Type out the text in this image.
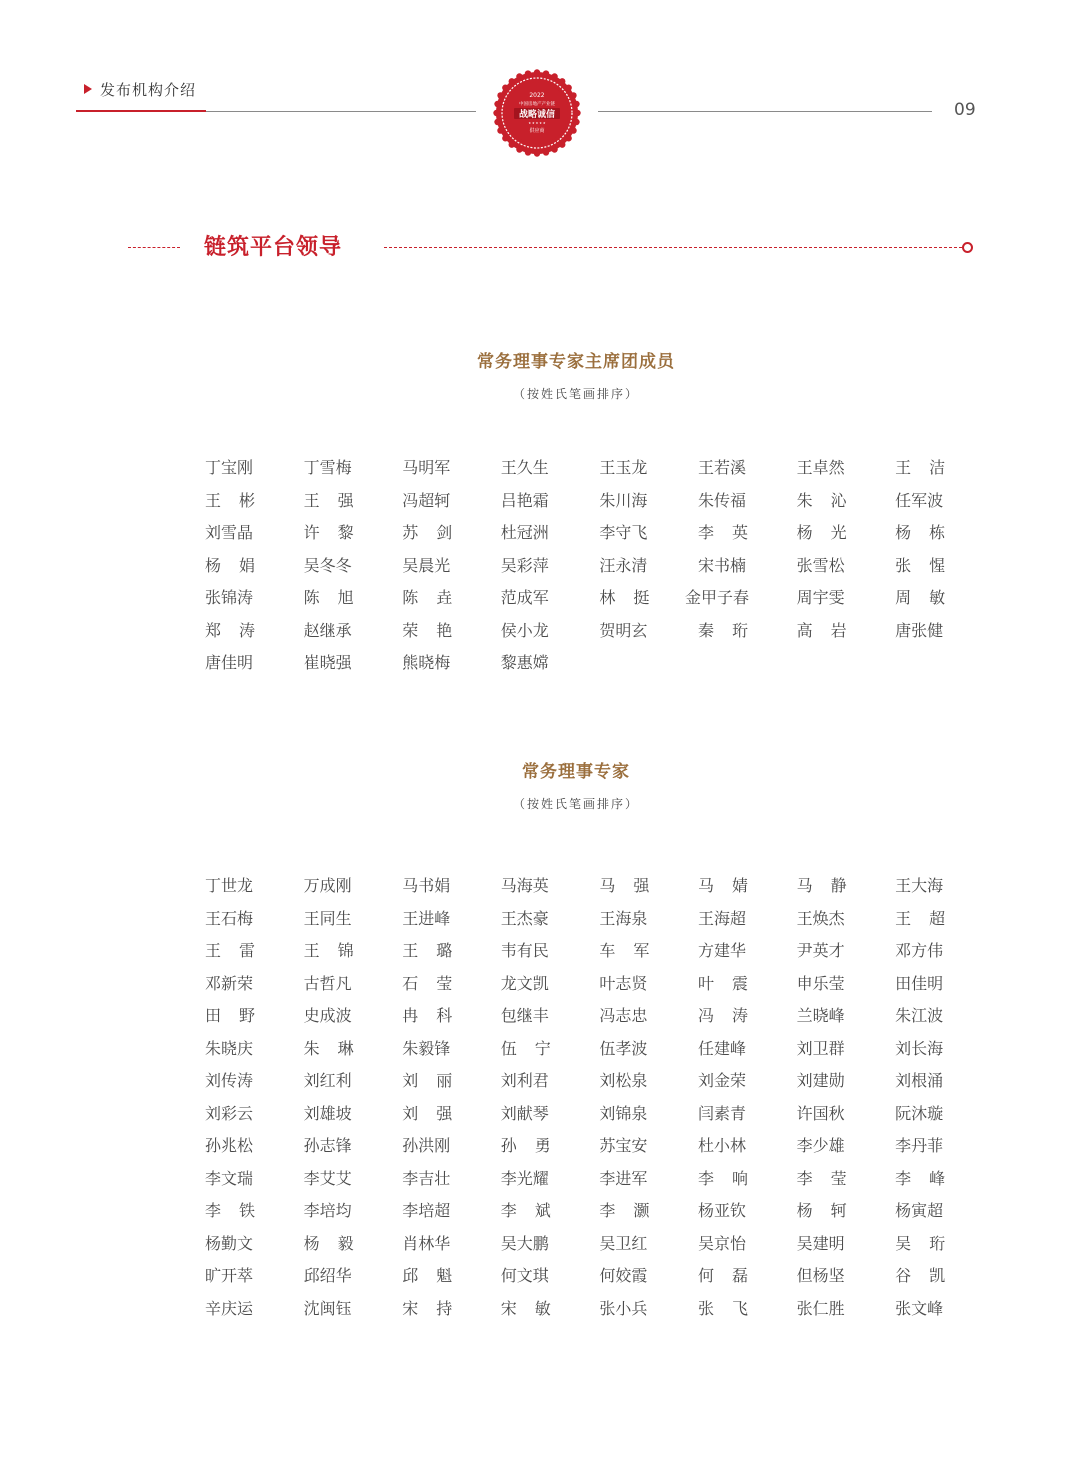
发布机构介绍
09
2022
中国房地产产业链
战略诚信
★ ★ ★ ★ ★
供应商
链筑平台领导
常务理事专家主席团成员
（按姓氏笔画排序）
丁宝刚	丁雪梅	马明军	王久生	王玉龙	王若溪	王卓然	王洁
王彬	王强	冯超轲	吕艳霜	朱川海	朱传福	朱沁	任军波
刘雪晶	许黎	苏剑	杜冠洲	李守飞	李英	杨光	杨栋
杨娟	吴冬冬	吴晨光	吴彩萍	汪永清	宋书楠	张雪松	张惺
张锦涛	陈旭	陈垚	范成军	林挺	金甲子春	周宇雯	周敏
郑涛	赵继承	荣艳	侯小龙	贺明玄	秦珩	高岩	唐张健
唐佳明	崔晓强	熊晓梅	黎惠嫦
常务理事专家
（按姓氏笔画排序）
丁世龙	万成刚	马书娟	马海英	马强	马婧	马静	王大海
王石梅	王同生	王进峰	王杰豪	王海泉	王海超	王焕杰	王超
王雷	王锦	王璐	韦有民	车军	方建华	尹英才	邓方伟
邓新荣	古哲凡	石莹	龙文凯	叶志贤	叶震	申乐莹	田佳明
田野	史成波	冉科	包继丰	冯志忠	冯涛	兰晓峰	朱江波
朱晓庆	朱琳	朱毅锋	伍宁	伍孝波	任建峰	刘卫群	刘长海
刘传涛	刘红利	刘丽	刘利君	刘松泉	刘金荣	刘建勋	刘根涌
刘彩云	刘雄坡	刘强	刘献琴	刘锦泉	闫素青	许国秋	阮沐璇
孙兆松	孙志锋	孙洪刚	孙勇	苏宝安	杜小林	李少雄	李丹菲
李文瑞	李艾艾	李吉壮	李光耀	李进军	李响	李莹	李峰
李铁	李培均	李培超	李斌	李灏	杨亚钦	杨轲	杨寅超
杨勤文	杨毅	肖林华	吴大鹏	吴卫红	吴京怡	吴建明	吴珩
旷开萃	邱绍华	邱魁	何文琪	何姣霞	何磊	但杨坚	谷凯
辛庆运	沈闽钰	宋持	宋敏	张小兵	张飞	张仁胜	张文峰
